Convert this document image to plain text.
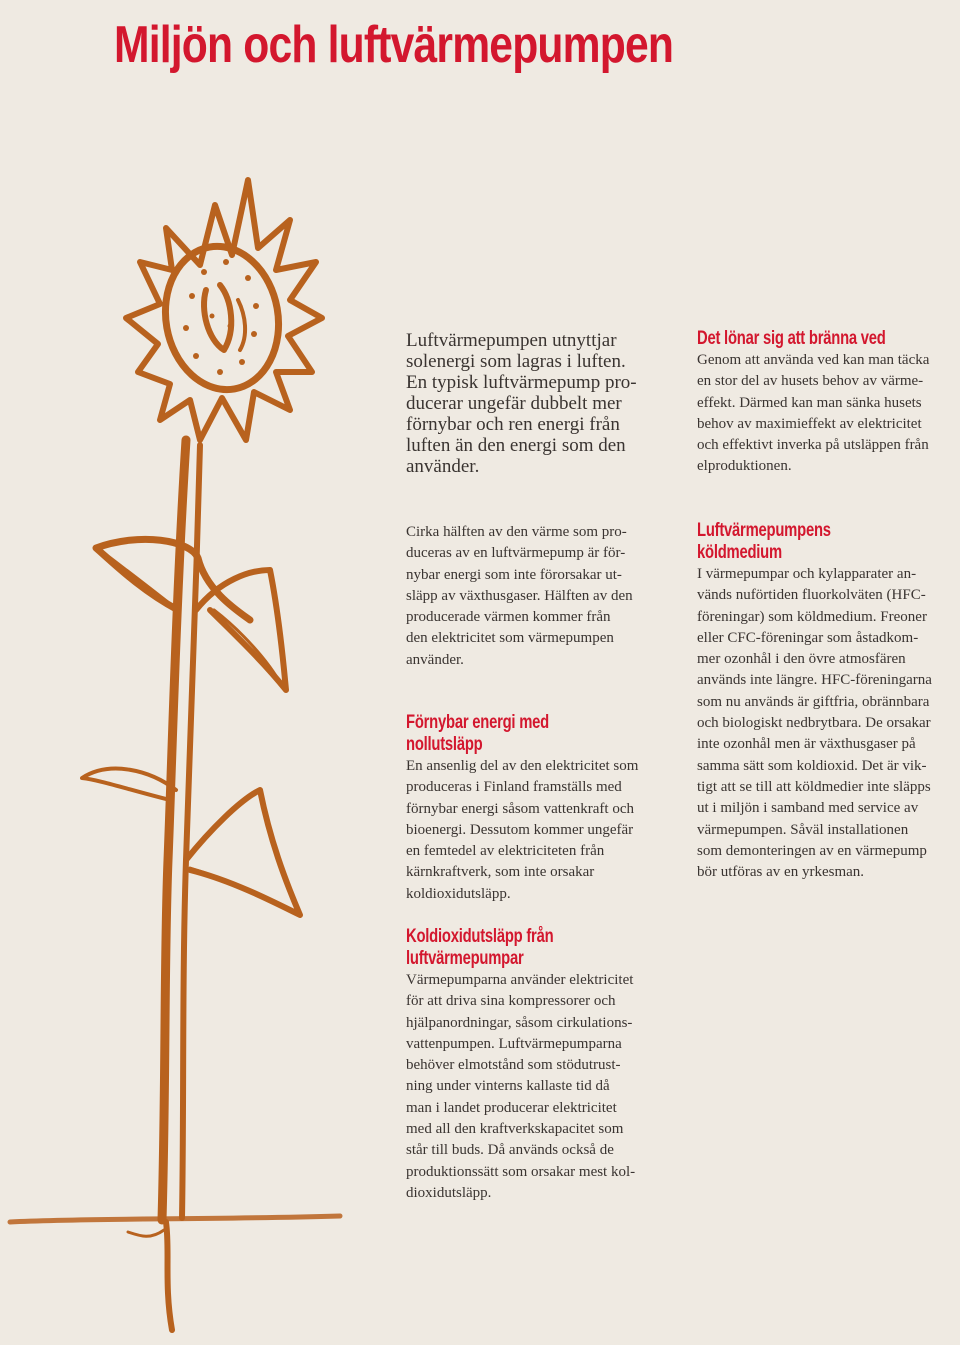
Miljön och luftvärmepumpen

Luftvärmepumpen utnyttjar
solenergi som lagras i luften.
En typisk luftvärmepump pro-
ducerar ungefär dubbelt mer
förnybar och ren energi från
luften än den energi som den
använder.

Cirka hälften av den värme som pro-
duceras av en luftvärmepump är för-
nybar energi som inte förorsakar ut-
släpp av växthusgaser. Hälften av den
producerade värmen kommer från
den elektricitet som värmepumpen
använder.

Förnybar energi med nollutsläpp

En ansenlig del av den elektricitet som
produceras i Finland framställs med
förnybar energi såsom vattenkraft och
bioenergi. Dessutom kommer ungefär
en femtedel av elektriciteten från
kärnkraftverk, som inte orsakar
koldioxidutsläpp.

Koldioxidutsläpp från
luftvärmepumpar

Värmepumparna använder elektricitet
för att driva sina kompressorer och
hjälpanordningar, såsom cirkulations-
vattenpumpen. Luftvärmepumparna
behöver elmotstånd som stödutrust-
ning under vinterns kallaste tid då
man i landet producerar elektricitet
med all den kraftverkskapacitet som
står till buds. Då används också de
produktionssätt som orsakar mest kol-
dioxidutsläpp.

Det lönar sig att bränna ved

Genom att använda ved kan man täcka
en stor del av husets behov av värme-
effekt. Därmed kan man sänka husets
behov av maximieffekt av elektricitet
och effektivt inverka på utsläppen från
elproduktionen.

Luftvärmepumpens köldmedium

I värmepumpar och kylapparater an-
vänds nuförtiden fluorkolväten (HFC-
föreningar) som köldmedium. Freoner
eller CFC-föreningar som åstadkom-
mer ozonhål i den övre atmosfären
används inte längre. HFC-föreningarna
som nu används är giftfria, obrännbara
och biologiskt nedbrytbara. De orsakar
inte ozonhål men är växthusgaser på
samma sätt som koldioxid. Det är vik-
tigt att se till att köldmedier inte släpps
ut i miljön i samband med service av
värmepumpen. Såväl installationen
som demonteringen av en värmepump
bör utföras av en yrkesman.
